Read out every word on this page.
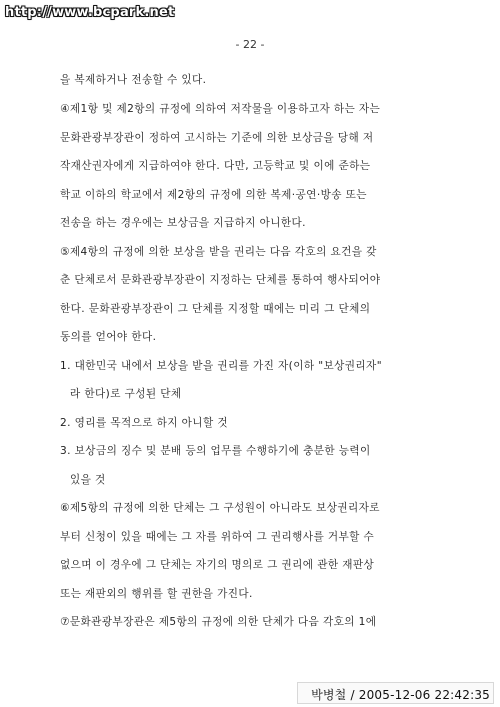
http://www.bcpark.net
- 22 -
을 복제하거나 전송할 수 있다.
④제1항 및 제2항의 규정에 의하여 저작물을 이용하고자 하는 자는
문화관광부장관이 정하여 고시하는 기준에 의한 보상금을 당해 저
작재산권자에게 지급하여야 한다. 다만, 고등학교 및 이에 준하는
학교 이하의 학교에서 제2항의 규정에 의한 복제·공연·방송 또는
전송을 하는 경우에는 보상금을 지급하지 아니한다.
⑤제4항의 규정에 의한 보상을 받을 권리는 다음 각호의 요건을 갖
춘 단체로서 문화관광부장관이 지정하는 단체를 통하여 행사되어야
한다. 문화관광부장관이 그 단체를 지정할 때에는 미리 그 단체의
동의를 얻어야 한다.
1. 대한민국 내에서 보상을 받을 권리를 가진 자(이하 "보상권리자"
라 한다)로 구성된 단체
2. 영리를 목적으로 하지 아니할 것
3. 보상금의 징수 및 분배 등의 업무를 수행하기에 충분한 능력이
있을 것
⑥제5항의 규정에 의한 단체는 그 구성원이 아니라도 보상권리자로
부터 신청이 있을 때에는 그 자를 위하여 그 권리행사를 거부할 수
없으며 이 경우에 그 단체는 자기의 명의로 그 권리에 관한 재판상
또는 재판외의 행위를 할 권한을 가진다.
⑦문화관광부장관은 제5항의 규정에 의한 단체가 다음 각호의 1에
박병철 / 2005-12-06 22:42:35
